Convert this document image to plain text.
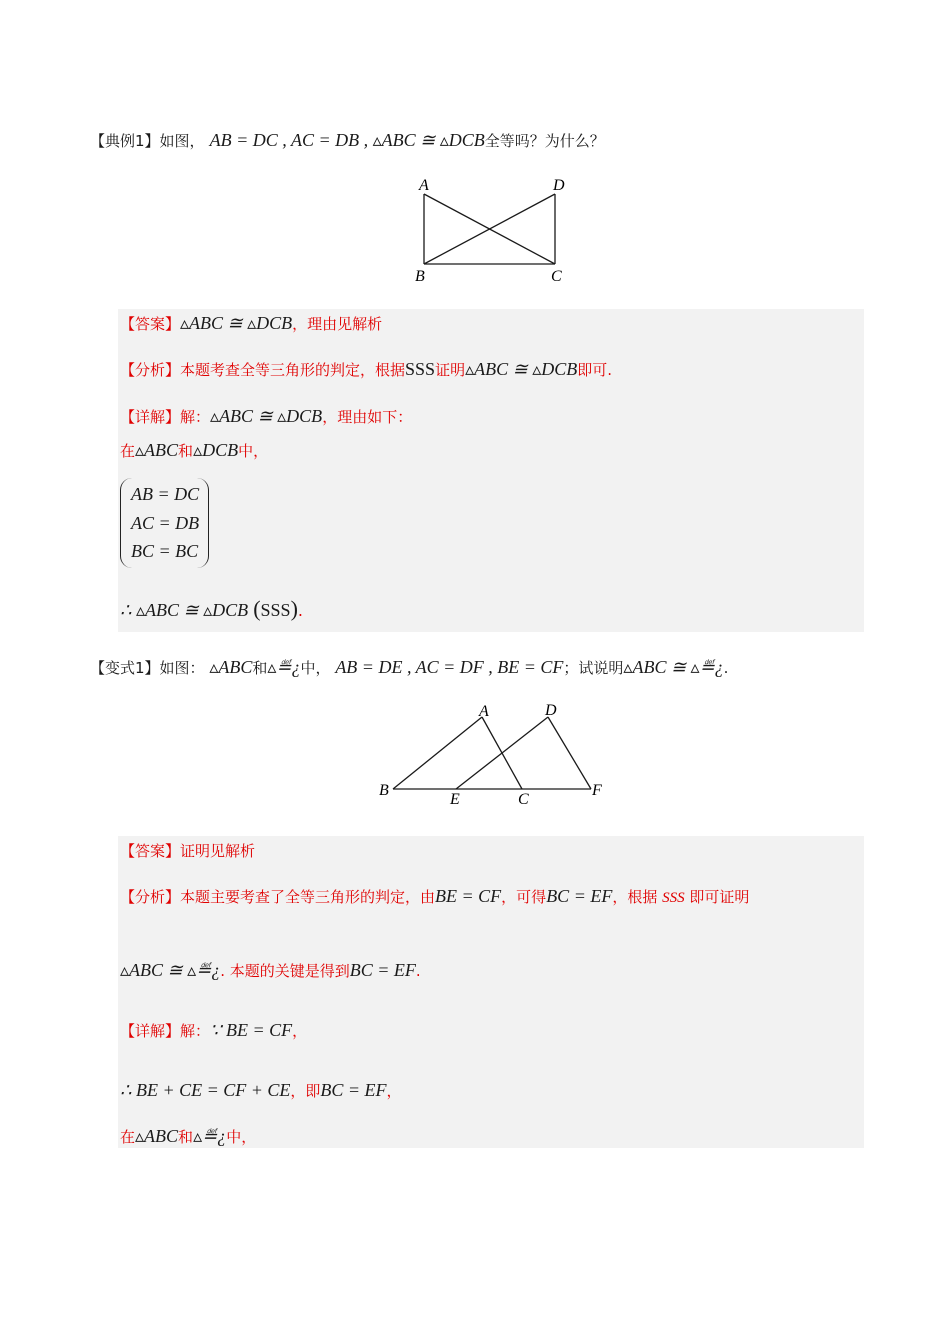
【典例1】如图， AB = DC , AC = DB , ▵ABC ≅ ▵DCB全等吗？为什么？
A	D
B	C
【答案】▵ABC ≅ ▵DCB，理由见解析
【分析】本题考查全等三角形的判定，根据SSS证明▵ABC ≅ ▵DCB即可.
【详解】解：▵ABC ≅ ▵DCB，理由如下：
在▵ABC和▵DCB中，
AB = DC
AC = DB
BC = BC
∴ ▵ABC ≅ ▵DCB (SSS).
【变式1】如图： ▵ABC和▵≝¿中， AB = DE , AC = DF , BE = CF；试说明▵ABC ≅ ▵≝¿.
A	D
B
E	C
F
【答案】证明见解析
【分析】本题主要考查了全等三角形的判定，由BE = CF，可得BC = EF，根据 SSS 即可证明
▵ABC ≅ ▵≝¿. 本题的关键是得到BC = EF.
【详解】解：∵ BE = CF，
∴ BE + CE = CF + CE，即BC = EF，
在▵ABC和▵≝¿中，
